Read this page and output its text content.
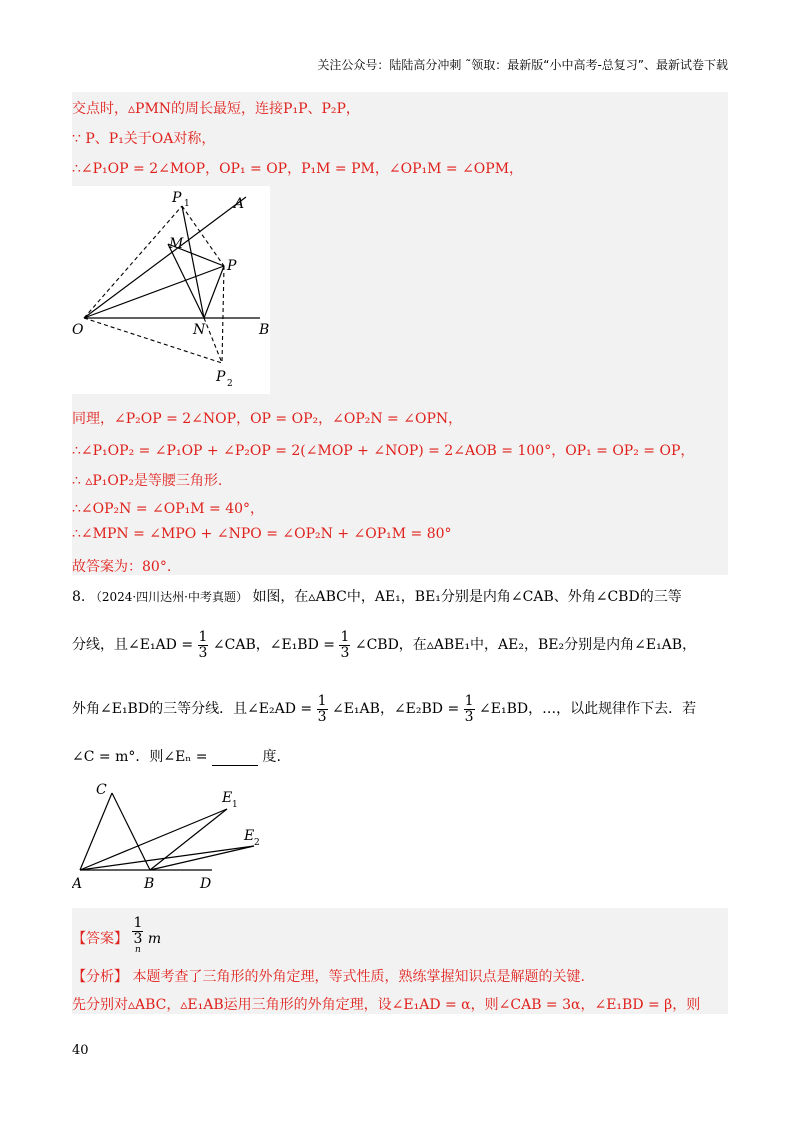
关注公众号：陆陆高分冲刺 ˜领取：最新版“小中高考-总复习”、最新试卷下载
交点时，▵PMN的周长最短，连接P₁P、P₂P，
∵ P、P₁关于OA对称，
∴∠P₁OP = 2∠MOP，OP₁ = OP，P₁M = PM，∠OP₁M = ∠OPM，
P 1	A
M
P
O	N	B
P 2
同理，∠P₂OP = 2∠NOP，OP = OP₂，∠OP₂N = ∠OPN，
∴∠P₁OP₂ = ∠P₁OP + ∠P₂OP = 2(∠MOP + ∠NOP) = 2∠AOB = 100°，OP₁ = OP₂ = OP，
∴ ▵P₁OP₂是等腰三角形.
∴∠OP₂N = ∠OP₁M = 40°，
∴∠MPN = ∠MPO + ∠NPO = ∠OP₂N + ∠OP₁M = 80°
故答案为：80°.
8. （2024·四川达州·中考真题） 如图，在▵ABC中，AE₁，BE₁分别是内角∠CAB、外角∠CBD的三等
分线，且∠E₁AD = $\frac{1}{3}$ ∠CAB，∠E₁BD = $\frac{1}{3}$ ∠CBD，在▵ABE₁中，AE₂，BE₂分别是内角∠E₁AB，
外角∠E₁BD的三等分线．且∠E₂AD = $\frac{1}{3}$ ∠E₁AB，∠E₂BD = $\frac{1}{3}$ ∠E₁BD，…，以此规律作下去．若
∠C = m°．则∠Eₙ =	度.
C	E 1
E 2
A	B	D
【答案】 1
3
$^n$ m
【分析】 本题考查了三角形的外角定理，等式性质，熟练掌握知识点是解题的关键.
先分别对▵ABC，▵E₁AB运用三角形的外角定理，设∠E₁AD = α，则∠CAB = 3α，∠E₁BD = β，则
40
